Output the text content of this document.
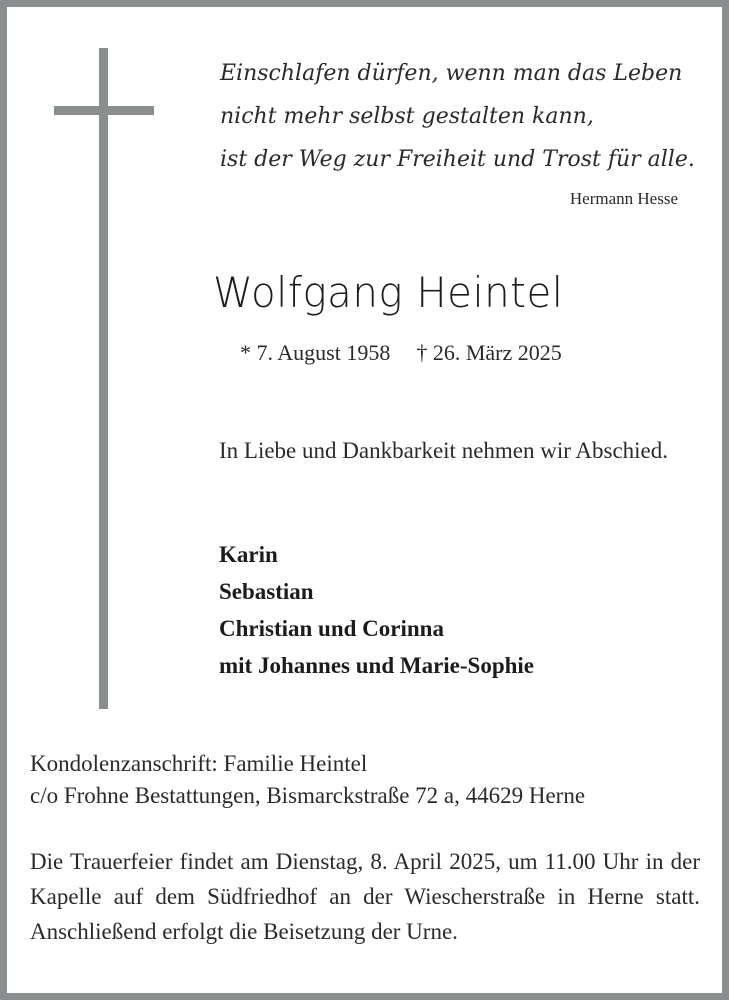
Einschlafen dürfen, wenn man das Leben
nicht mehr selbst gestalten kann,
ist der Weg zur Freiheit und Trost für alle.
Hermann Hesse
Wolfgang Heintel
* 7. August 1958 † 26. März 2025
In Liebe und Dankbarkeit nehmen wir Abschied.
Karin
Sebastian
Christian und Corinna
mit Johannes und Marie-Sophie
Kondolenzanschrift: Familie Heintel
c/o Frohne Bestattungen, Bismarckstraße 72 a, 44629 Herne
Die Trauerfeier findet am Dienstag, 8. April 2025, um 11.00 Uhr in der Kapelle auf dem Südfriedhof an der Wiescherstraße in Herne statt. Anschließend erfolgt die Beisetzung der Urne.
